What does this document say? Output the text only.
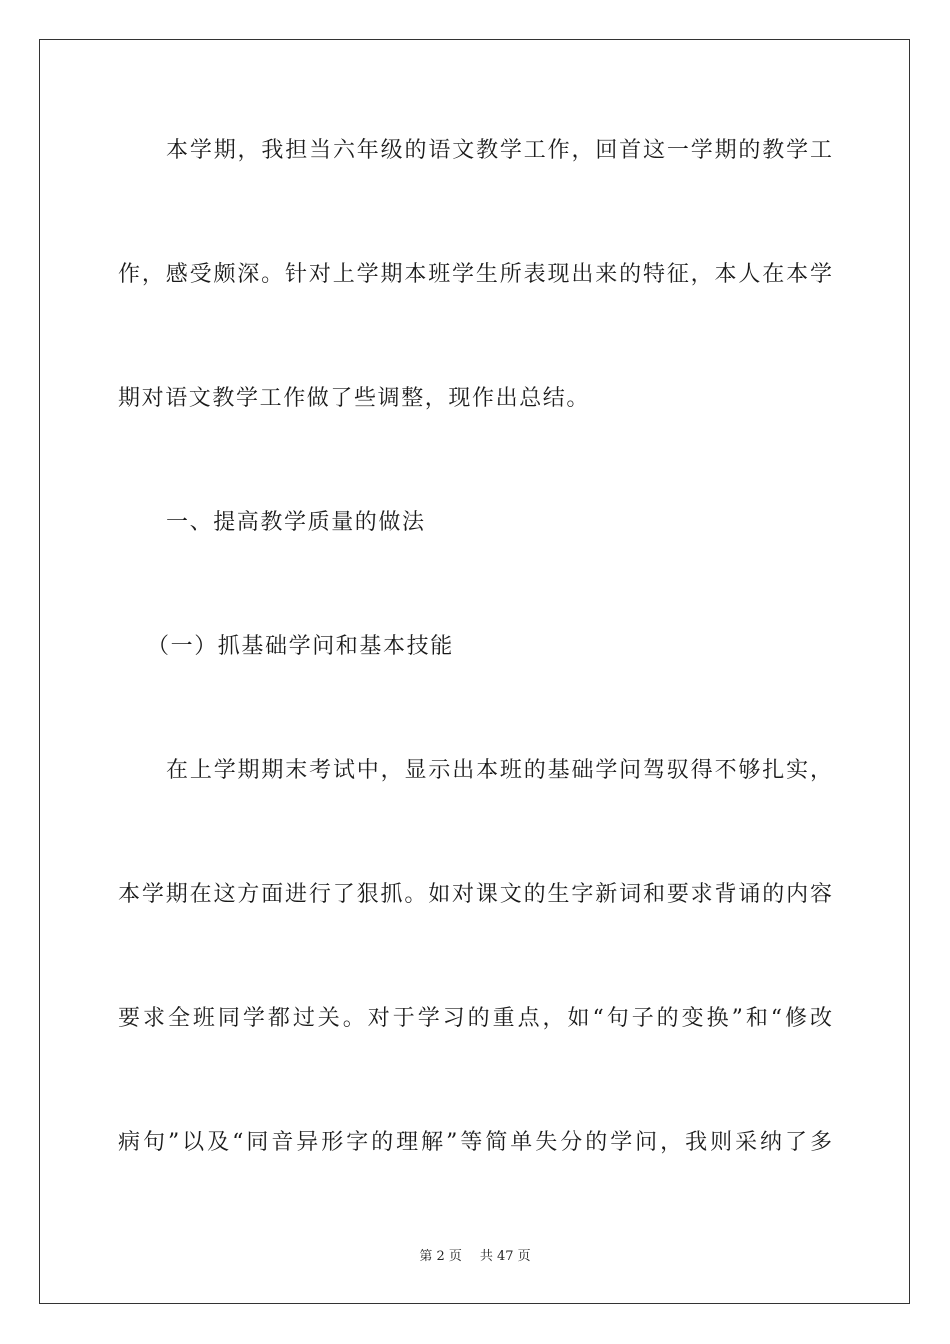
本学期，我担当六年级的语文教学工作，回首这一学期的教学工
作，感受颇深。针对上学期本班学生所表现出来的特征，本人在本学
期对语文教学工作做了些调整，现作出总结。
一、提高教学质量的做法
（一）抓基础学问和基本技能
在上学期期末考试中，显示出本班的基础学问驾驭得不够扎实，
本学期在这方面进行了狠抓。如对课文的生字新词和要求背诵的内容
要求全班同学都过关。对于学习的重点，如“句子的变换”和“修改
病句”以及“同音异形字的理解”等简单失分的学问，我则采纳了多
第 2 页 共 47 页
